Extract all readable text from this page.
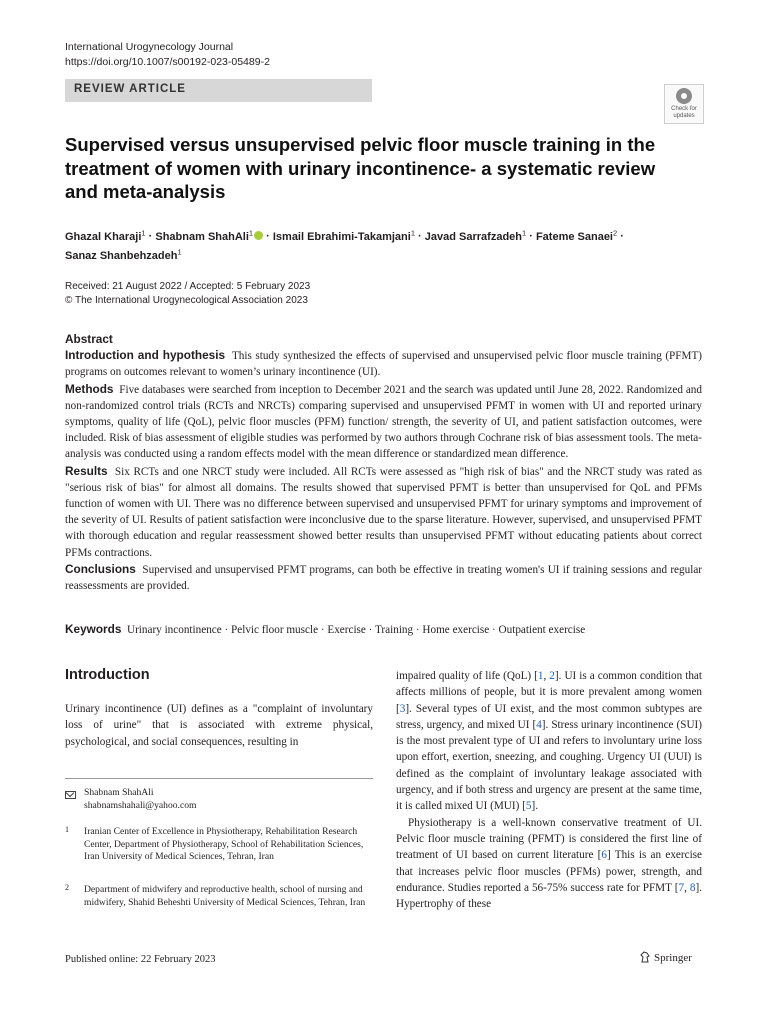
International Urogynecology Journal
https://doi.org/10.1007/s00192-023-05489-2
REVIEW ARTICLE
Check for updates
Supervised versus unsupervised pelvic floor muscle training in the treatment of women with urinary incontinence- a systematic review and meta-analysis
Ghazal Kharaji$^1$ · Shabnam ShahAli$^1$ · Ismail Ebrahimi-Takamjani$^1$ · Javad Sarrafzadeh$^1$ · Fateme Sanaei$^2$ ·
Sanaz Shanbehzadeh$^1$
Received: 21 August 2022 / Accepted: 5 February 2023
© The International Urogynecological Association 2023
Abstract

Introduction and hypothesis This study synthesized the effects of supervised and unsupervised pelvic floor muscle training (PFMT) programs on outcomes relevant to women’s urinary incontinence (UI).

Methods Five databases were searched from inception to December 2021 and the search was updated until June 28, 2022. Randomized and non-randomized control trials (RCTs and NRCTs) comparing supervised and unsupervised PFMT in women with UI and reported urinary symptoms, quality of life (QoL), pelvic floor muscles (PFM) function/ strength, the severity of UI, and patient satisfaction outcomes, were included. Risk of bias assessment of eligible studies was performed by two authors through Cochrane risk of bias assessment tools. The meta-analysis was conducted using a random effects model with the mean difference or standardized mean difference.

Results Six RCTs and one NRCT study were included. All RCTs were assessed as "high risk of bias" and the NRCT study was rated as "serious risk of bias" for almost all domains. The results showed that supervised PFMT is better than unsupervised for QoL and PFMs function of women with UI. There was no difference between supervised and unsupervised PFMT for urinary symptoms and improvement of the severity of UI. Results of patient satisfaction were inconclusive due to the sparse literature. However, supervised, and unsupervised PFMT with thorough education and regular reassessment showed better results than unsupervised PFMT without educating patients about correct PFMs contractions.

Conclusions Supervised and unsupervised PFMT programs, can both be effective in treating women's UI if training sessions and regular reassessments are provided.

Keywords Urinary incontinence · Pelvic floor muscle · Exercise · Training · Home exercise · Outpatient exercise
Introduction

Urinary incontinence (UI) defines as a "complaint of involuntary loss of urine" that is associated with extreme physical, psychological, and social consequences, resulting in

impaired quality of life (QoL) [1, 2]. UI is a common condition that affects millions of people, but it is more prevalent among women [3]. Several types of UI exist, and the most common subtypes are stress, urgency, and mixed UI [4]. Stress urinary incontinence (SUI) is the most prevalent type of UI and refers to involuntary urine loss upon effort, exertion, sneezing, and coughing. Urgency UI (UUI) is defined as the complaint of involuntary leakage associated with urgency, and if both stress and urgency are present at the same time, it is called mixed UI (MUI) [5].

Physiotherapy is a well-known conservative treatment of UI. Pelvic floor muscle training (PFMT) is considered the first line of treatment of UI based on current literature [6] This is an exercise that increases pelvic floor muscles (PFMs) power, strength, and endurance. Studies reported a 56-75% success rate for PFMT [7, 8]. Hypertrophy of these

Shabnam ShahAli
shabnamshahali@yahoo.com
1 Iranian Center of Excellence in Physiotherapy, Rehabilitation Research Center, Department of Physiotherapy, School of Rehabilitation Sciences, Iran University of Medical Sciences, Tehran, Iran
2 Department of midwifery and reproductive health, school of nursing and midwifery, Shahid Beheshti University of Medical Sciences, Tehran, Iran
Published online: 22 February 2023	Springer
